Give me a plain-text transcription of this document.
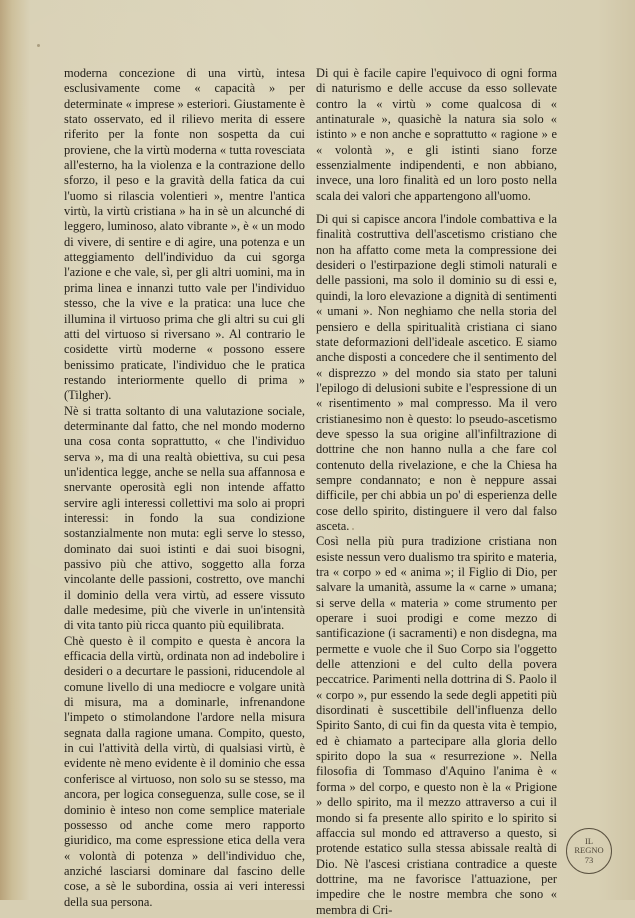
moderna concezione di una virtù, intesa esclusivamente come « capacità » per determinate « imprese » esteriori. Giustamente è stato osservato, ed il rilievo merita di essere riferito per la fonte non sospetta da cui proviene, che la virtù moderna « tutta rovesciata all'esterno, ha la violenza e la contrazione dello sforzo, il peso e la gravità della fatica da cui l'uomo si rilascia volentieri », mentre l'antica virtù, la virtù cristiana » ha in sè un alcunché di leggero, luminoso, alato vibrante », è « un modo di vivere, di sentire e di agire, una potenza e un atteggiamento dell'individuo da cui sgorga l'azione e che vale, sì, per gli altri uomini, ma in prima linea e innanzi tutto vale per l'individuo stesso, che la vive e la pratica: una luce che illumina il virtuoso prima che gli altri su cui gli atti del virtuoso si riversano ». Al contrario le cosidette virtù moderne « possono essere benissimo praticate, l'individuo che le pratica restando interiormente quello di prima » (Tilgher).

Nè si tratta soltanto di una valutazione sociale, determinante dal fatto, che nel mondo moderno una cosa conta soprattutto, « che l'individuo serva », ma di una realtà obiettiva, su cui pesa un'identica legge, anche se nella sua affannosa e snervante operosità egli non intende affatto servire agli interessi collettivi ma solo ai propri interessi: in fondo la sua condizione sostanzialmente non muta: egli serve lo stesso, dominato dai suoi istinti e dai suoi bisogni, passivo più che attivo, soggetto alla forza vincolante delle passioni, costretto, ove manchi il dominio della vera virtù, ad essere vissuto dalle medesime, più che viverle in un'intensità di vita tanto più ricca quanto più equilibrata.

Chè questo è il compito e questa è ancora la efficacia della virtù, ordinata non ad indebolire i desideri o a decurtare le passioni, riducendole al comune livello di una mediocre e volgare unità di misura, ma a dominarle, infrenandone l'impeto o stimolandone l'ardore nella misura segnata dalla ragione umana. Compito, questo, in cui l'attività della virtù, di qualsiasi virtù, è evidente nè meno evidente è il dominio che essa conferisce al virtuoso, non solo su se stesso, ma ancora, per logica conseguenza, sulle cose, se il dominio è inteso non come semplice materiale possesso od anche come mero rapporto giuridico, ma come espressione etica della vera « volontà di potenza » dell'individuo che, anziché lasciarsi dominare dal fascino delle cose, a sè le subordina, ossia ai veri interessi della sua persona.

Di qui è facile capire l'equivoco di ogni forma di naturismo e delle accuse da esso sollevate contro la « virtù » come qualcosa di « antinaturale », quasichè la natura sia solo « istinto » e non anche e soprattutto « ragione » e « volontà », e gli istinti siano forze essenzialmente indipendenti, e non abbiano, invece, una loro finalità ed un loro posto nella scala dei valori che appartengono all'uomo.

Di qui si capisce ancora l'indole combattiva e la finalità costruttiva dell'ascetismo cristiano che non ha affatto come meta la compressione dei desideri o l'estirpazione degli stimoli naturali e delle passioni, ma solo il dominio su di essi e, quindi, la loro elevazione a dignità di sentimenti « umani ». Non neghiamo che nella storia del pensiero e della spiritualità cristiana ci siano state deformazioni dell'ideale ascetico. E siamo anche disposti a concedere che il sentimento del « disprezzo » del mondo sia stato per taluni l'epilogo di delusioni subite e l'espressione di un « risentimento » mal compresso. Ma il vero cristianesimo non è questo: lo pseudo-ascetismo deve spesso la sua origine all'infiltrazione di dottrine che non hanno nulla a che fare col contenuto della rivelazione, e che la Chiesa ha sempre condannato; e non è neppure assai difficile, per chi abbia un po' di esperienza delle cose dello spirito, distinguere il vero dal falso asceta.

Così nella più pura tradizione cristiana non esiste nessun vero dualismo tra spirito e materia, tra « corpo » ed « anima »; il Figlio di Dio, per salvare la umanità, assume la « carne » umana; si serve della « materia » come strumento per operare i suoi prodigi e come mezzo di santificazione (i sacramenti) e non disdegna, ma permette e vuole che il Suo Corpo sia l'oggetto delle attenzioni e del culto della povera peccatrice. Parimenti nella dottrina di S. Paolo il « corpo », pur essendo la sede degli appetiti più disordinati è suscettibile dell'influenza dello Spirito Santo, di cui fin da questa vita è tempio, ed è chiamato a partecipare alla gloria dello spirito dopo la sua « resurrezione ». Nella filosofia di Tommaso d'Aquino l'anima è « forma » del corpo, e questo non è la « Prigione » dello spirito, ma il mezzo attraverso a cui il mondo si fa presente allo spirito e lo spirito si affaccia sul mondo ed attraverso a questo, si protende estatico sulla stessa abissale realtà di Dio. Nè l'ascesi cristiana contradice a queste dottrine, ma ne favorisce l'attuazione, per impedire che le nostre membra che sono « membra di Cri-

IL
REGNO
73
